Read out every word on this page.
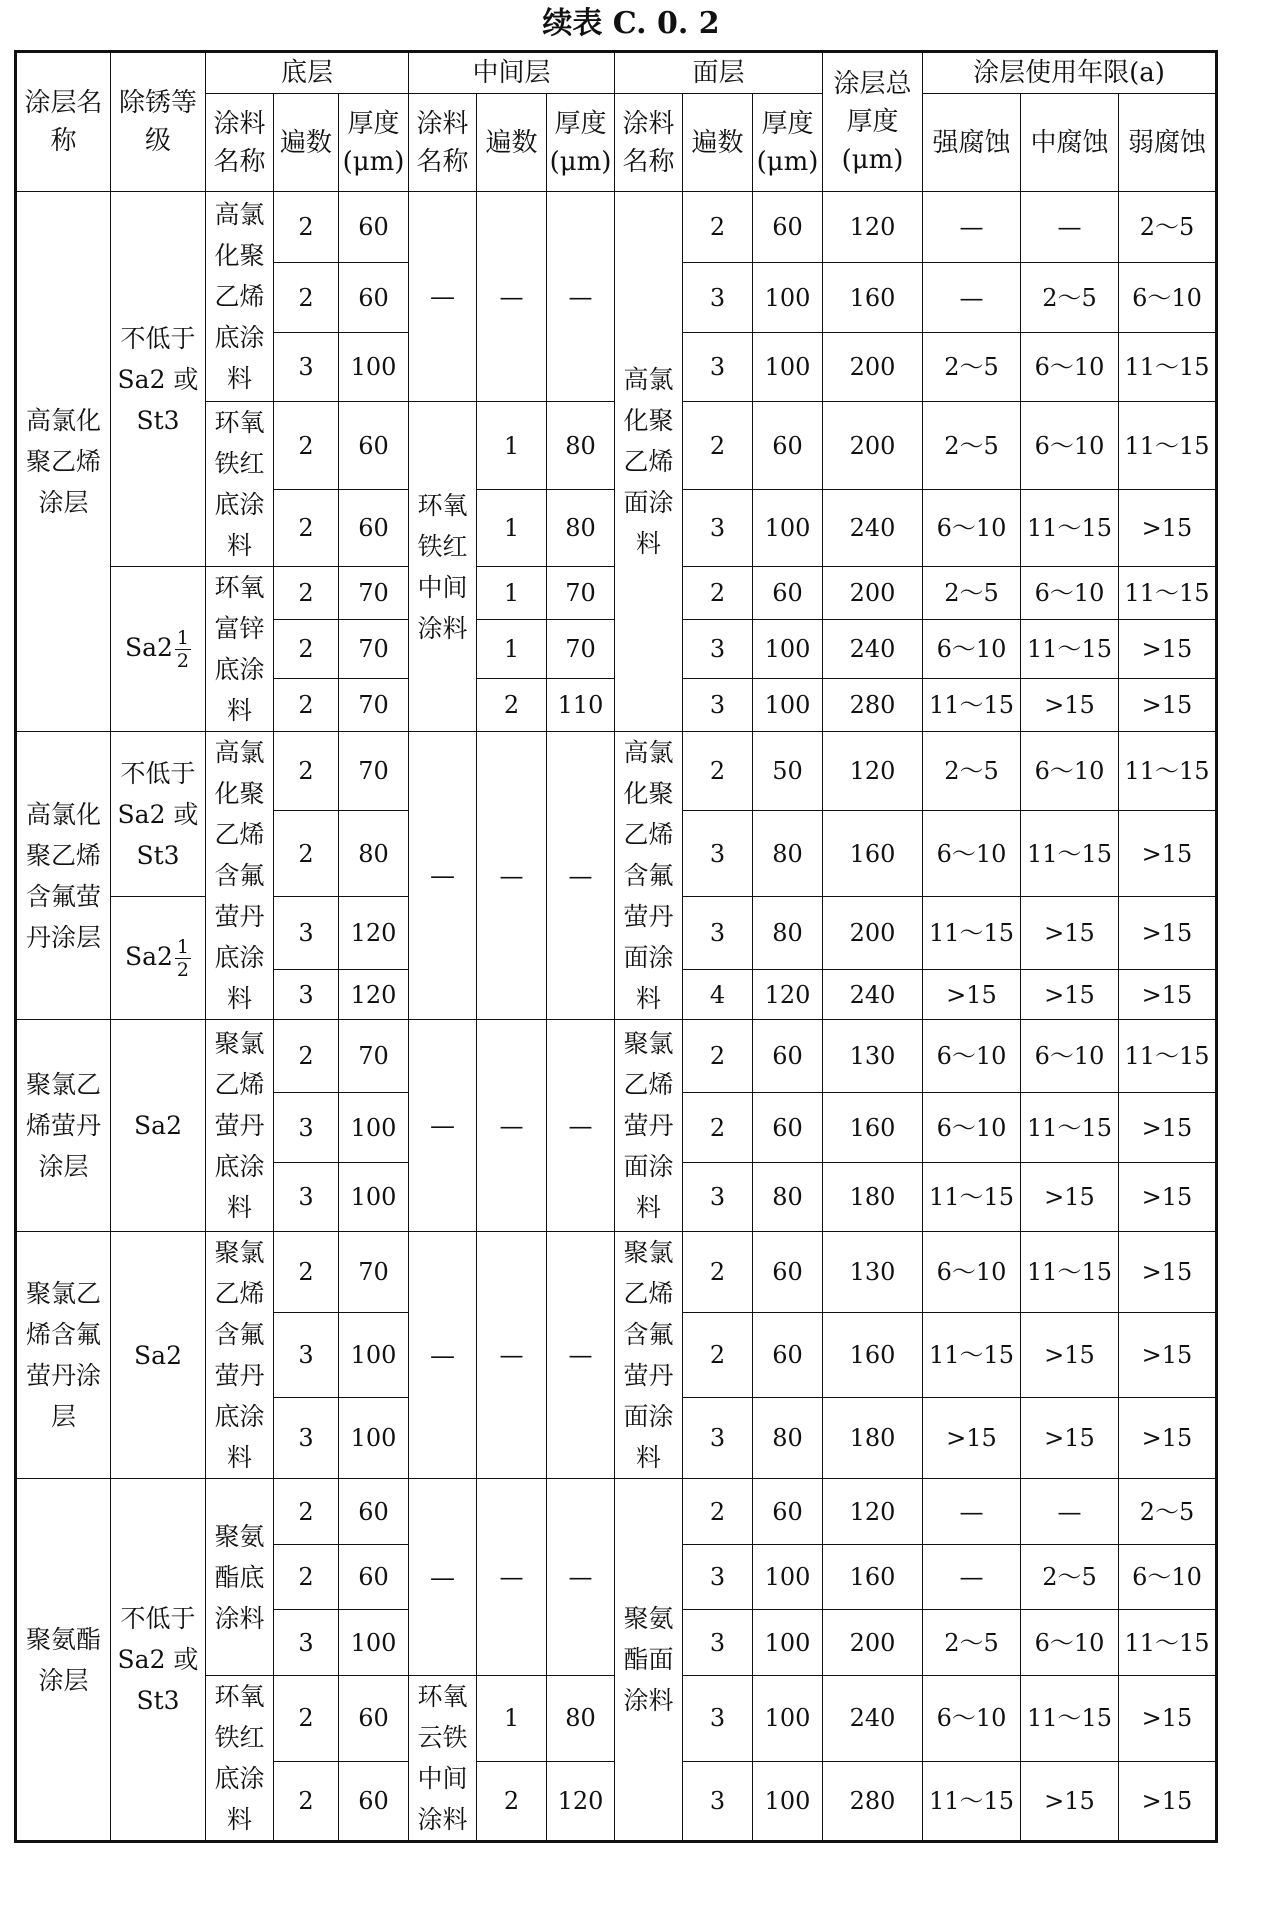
续表 C. 0. 2
涂层名称	除锈等级	底层			中间层			面层			涂层总厚度(μm)	涂层使用年限(a)		
		涂料名称	遍数	厚度(μm)	涂料名称	遍数	厚度(μm)	涂料名称	遍数	厚度(μm)		强腐蚀	中腐蚀	弱腐蚀
高氯化聚乙烯涂层	不低于Sa2 或St3	高氯化聚乙烯底涂料	2	60	—	—	—	高氯化聚乙烯面涂料	2	60	120	—	—	2～5
			2	60					3	100	160	—	2～5	6～10
			3	100					3	100	200	2～5	6～10	11～15
		环氧铁红底涂料	2	60	环氧铁红中间涂料	1	80		2	60	200	2～5	6～10	11～15
			2	60		1	80		3	100	240	6～10	11～15	>15
	$Sa2 \frac{1}{2}$	环氧富锌底涂料	2	70		1	70		2	60	200	2～5	6～10	11～15
			2	70		1	70		3	100	240	6～10	11～15	>15
			2	70		2	110		3	100	280	11～15	>15	>15
高氯化聚乙烯含氟萤丹涂层	不低于Sa2 或St3	高氯化聚乙烯含氟萤丹底涂料	2	70	—	—	—	高氯化聚乙烯含氟萤丹面涂料	2	50	120	2～5	6～10	11～15
			2	80					3	80	160	6～10	11～15	>15
	$Sa2 \frac{1}{2}$		3	120					3	80	200	11～15	>15	>15
			3	120					4	120	240	>15	>15	>15
聚氯乙烯萤丹涂层	Sa2	聚氯乙烯萤丹底涂料	2	70	—	—	—	聚氯乙烯萤丹面涂料	2	60	130	6～10	6～10	11～15
			3	100					2	60	160	6～10	11～15	>15
			3	100					3	80	180	11～15	>15	>15
聚氯乙烯含氟萤丹涂层	Sa2	聚氯乙烯含氟萤丹底涂料	2	70	—	—	—	聚氯乙烯含氟萤丹面涂料	2	60	130	6～10	11～15	>15
			3	100					2	60	160	11～15	>15	>15
			3	100					3	80	180	>15	>15	>15
聚氨酯涂层	不低于Sa2 或St3	聚氨酯底涂料	2	60	—	—	—	聚氨酯面涂料	2	60	120	—	—	2～5
			2	60					3	100	160	—	2～5	6～10
			3	100					3	100	200	2～5	6～10	11～15
		环氧铁红底涂料	2	60	环氧云铁中间涂料	1	80		3	100	240	6～10	11～15	>15
			2	60		2	120		3	100	280	11～15	>15	>15
